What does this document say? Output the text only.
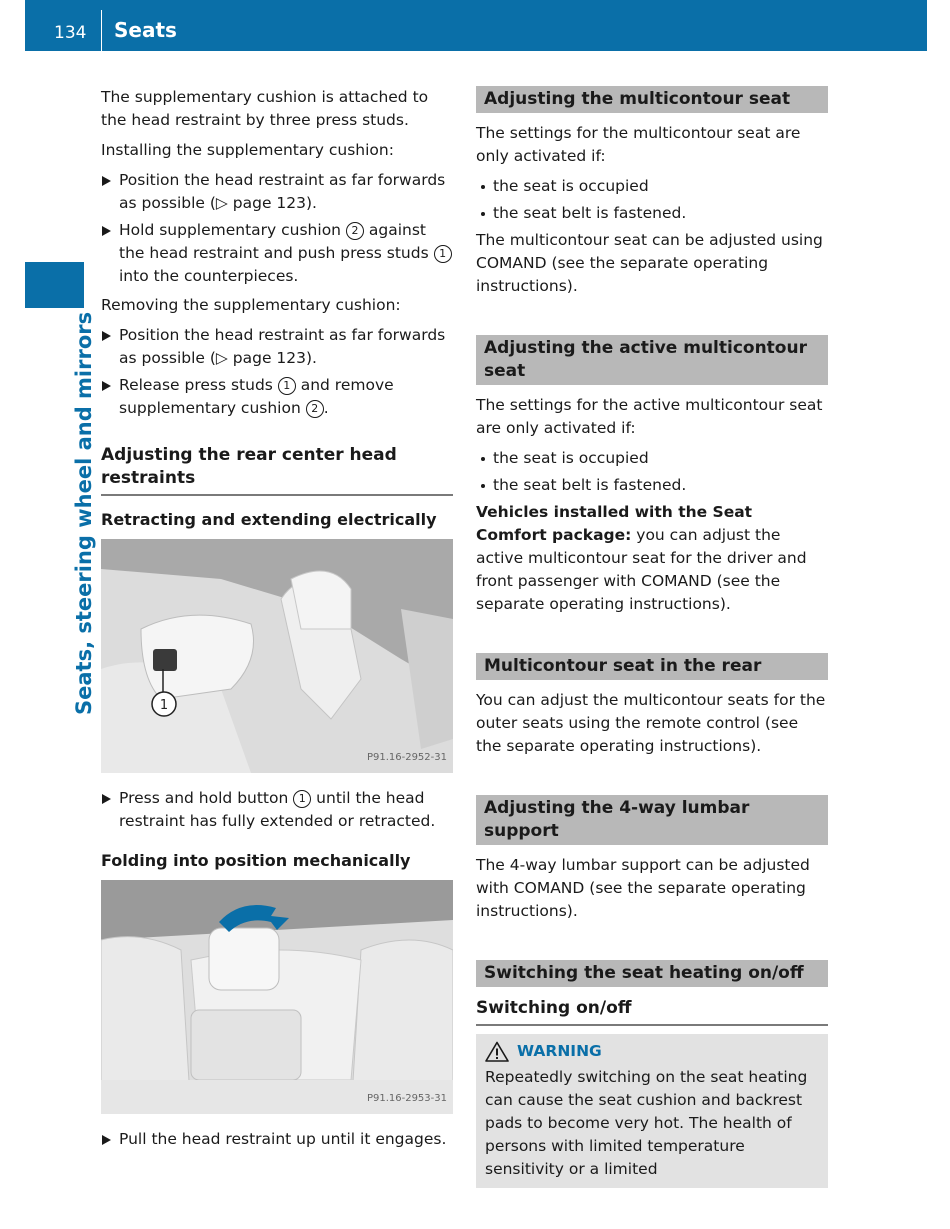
134 Seats
Seats, steering wheel and mirrors

The supplementary cushion is attached to the head restraint by three press studs.

Installing the supplementary cushion:

Position the head restraint as far forwards as possible (▷ page 123).
Hold supplementary cushion 2 against the head restraint and push press studs 1 into the counterpieces.

Removing the supplementary cushion:

Position the head restraint as far forwards as possible (▷ page 123).
Release press studs 1 and remove supplementary cushion 2 .
Adjusting the rear center head restraints
Retracting and extending electrically
1
P91.16-2952-31
Press and hold button 1 until the head restraint has fully extended or retracted.
Folding into position mechanically
P91.16-2953-31
Pull the head restraint up until it engages.
Adjusting the multicontour seat

The settings for the multicontour seat are only activated if:

the seat is occupied
the seat belt is fastened.

The multicontour seat can be adjusted using COMAND (see the separate operating instructions).

Adjusting the active multicontour seat

The settings for the active multicontour seat are only activated if:

the seat is occupied
the seat belt is fastened.

Vehicles installed with the Seat Comfort package: you can adjust the active multicontour seat for the driver and front passenger with COMAND (see the separate operating instructions).

Multicontour seat in the rear

You can adjust the multicontour seats for the outer seats using the remote control (see the separate operating instructions).

Adjusting the 4-way lumbar support

The 4-way lumbar support can be adjusted with COMAND (see the separate operating instructions).

Switching the seat heating on/off
Switching on/off
WARNING
Repeatedly switching on the seat heating can cause the seat cushion and backrest pads to become very hot. The health of persons with limited temperature sensitivity or a limited
